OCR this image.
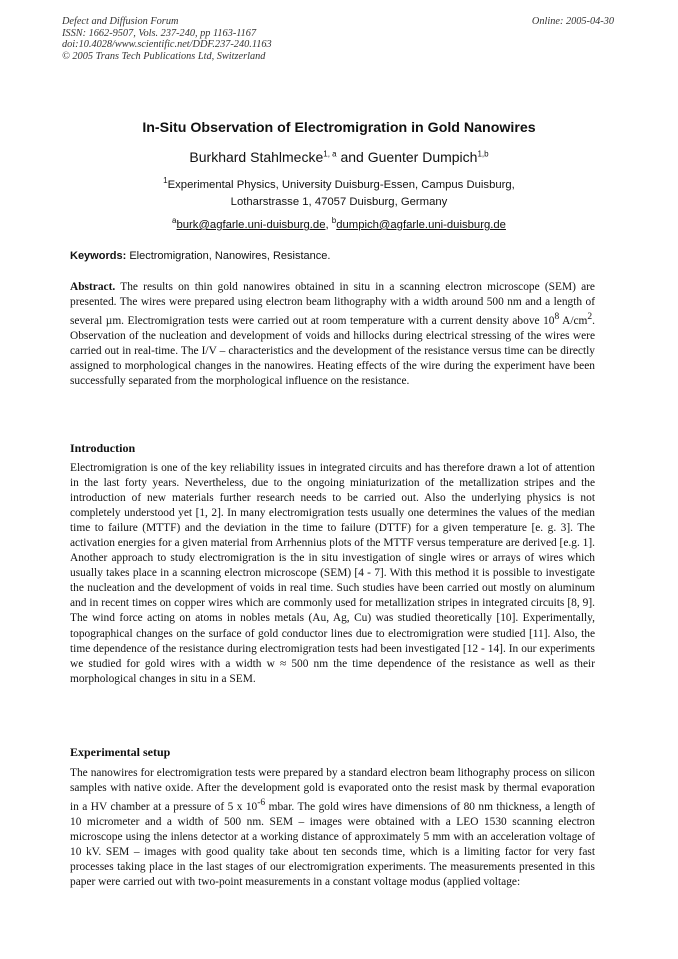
Defect and Diffusion Forum
ISSN: 1662-9507, Vols. 237-240, pp 1163-1167
doi:10.4028/www.scientific.net/DDF.237-240.1163
© 2005 Trans Tech Publications Ltd, Switzerland
Online: 2005-04-30
In-Situ Observation of Electromigration in Gold Nanowires
Burkhard Stahlmecke$^{1, a}$ and Guenter Dumpich$^{1,b}$
$^1$Experimental Physics, University Duisburg-Essen, Campus Duisburg,
Lotharstrasse 1, 47057 Duisburg, Germany
$^a$burk@agfarle.uni-duisburg.de, $^b$dumpich@agfarle.uni-duisburg.de
Keywords: Electromigration, Nanowires, Resistance.
Abstract. The results on thin gold nanowires obtained in situ in a scanning electron microscope (SEM) are presented. The wires were prepared using electron beam lithography with a width around 500 nm and a length of several µm. Electromigration tests were carried out at room temperature with a current density above $10^8$ $A/cm^2$. Observation of the nucleation and development of voids and hillocks during electrical stressing of the wires were carried out in real-time. The I/V – characteristics and the development of the resistance versus time can be directly assigned to morphological changes in the nanowires. Heating effects of the wire during the experiment have been successfully separated from the morphological influence on the resistance.
Introduction
Electromigration is one of the key reliability issues in integrated circuits and has therefore drawn a lot of attention in the last forty years. Nevertheless, due to the ongoing miniaturization of the metallization stripes and the introduction of new materials further research needs to be carried out. Also the underlying physics is not completely understood yet [1, 2]. In many electromigration tests usually one determines the values of the median time to failure (MTTF) and the deviation in the time to failure (DTTF) for a given temperature [e. g. 3]. The activation energies for a given material from Arrhennius plots of the MTTF versus temperature are derived [e.g. 1]. Another approach to study electromigration is the in situ investigation of single wires or arrays of wires which usually takes place in a scanning electron microscope (SEM) [4 - 7]. With this method it is possible to investigate the nucleation and the development of voids in real time. Such studies have been carried out mostly on aluminum and in recent times on copper wires which are commonly used for metallization stripes in integrated circuits [8, 9]. The wind force acting on atoms in nobles metals (Au, Ag, Cu) was studied theoretically [10]. Experimentally, topographical changes on the surface of gold conductor lines due to electromigration were studied [11]. Also, the time dependence of the resistance during electromigration tests had been investigated [12 - 14]. In our experiments we studied for gold wires with a width w ≈ 500 nm the time dependence of the resistance as well as their morphological changes in situ in a SEM.
Experimental setup
The nanowires for electromigration tests were prepared by a standard electron beam lithography process on silicon samples with native oxide. After the development gold is evaporated onto the resist mask by thermal evaporation in a HV chamber at a pressure of 5 x $10^{-6}$ mbar. The gold wires have dimensions of 80 nm thickness, a length of 10 micrometer and a width of 500 nm. SEM – images were obtained with a LEO 1530 scanning electron microscope using the inlens detector at a working distance of approximately 5 mm with an acceleration voltage of 10 kV. SEM – images with good quality take about ten seconds time, which is a limiting factor for very fast processes taking place in the last stages of our electromigration experiments. The measurements presented in this paper were carried out with two-point measurements in a constant voltage modus (applied voltage:
